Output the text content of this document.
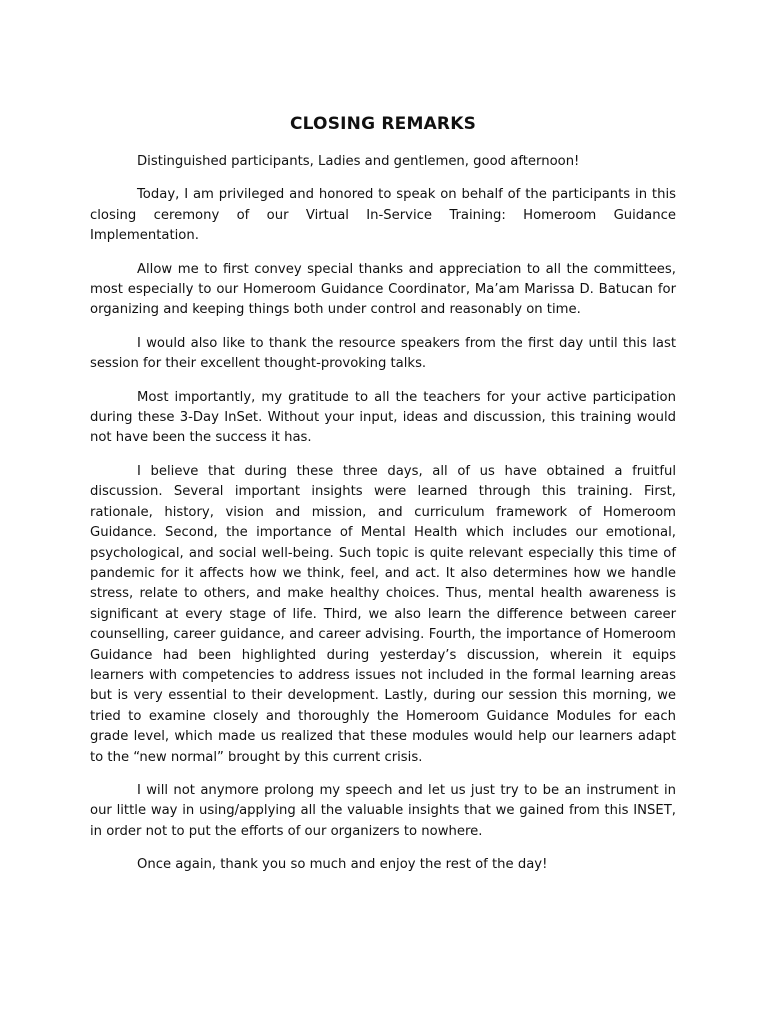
CLOSING REMARKS

Distinguished participants, Ladies and gentlemen, good afternoon!

Today, I am privileged and honored to speak on behalf of the participants in this closing ceremony of our Virtual In-Service Training: Homeroom Guidance Implementation.

Allow me to first convey special thanks and appreciation to all the committees, most especially to our Homeroom Guidance Coordinator, Ma’am Marissa D. Batucan for organizing and keeping things both under control and reasonably on time.

I would also like to thank the resource speakers from the first day until this last session for their excellent thought-provoking talks.

Most importantly, my gratitude to all the teachers for your active participation during these 3-Day InSet. Without your input, ideas and discussion, this training would not have been the success it has.

I believe that during these three days, all of us have obtained a fruitful discussion. Several important insights were learned through this training. First, rationale, history, vision and mission, and curriculum framework of Homeroom Guidance. Second, the importance of Mental Health which includes our emotional, psychological, and social well-being. Such topic is quite relevant especially this time of pandemic for it affects how we think, feel, and act. It also determines how we handle stress, relate to others, and make healthy choices. Thus, mental health awareness is significant at every stage of life. Third, we also learn the difference between career counselling, career guidance, and career advising. Fourth, the importance of Homeroom Guidance had been highlighted during yesterday’s discussion, wherein it equips learners with competencies to address issues not included in the formal learning areas but is very essential to their development. Lastly, during our session this morning, we tried to examine closely and thoroughly the Homeroom Guidance Modules for each grade level, which made us realized that these modules would help our learners adapt to the “new normal” brought by this current crisis.

I will not anymore prolong my speech and let us just try to be an instrument in our little way in using/applying all the valuable insights that we gained from this INSET, in order not to put the efforts of our organizers to nowhere.

Once again, thank you so much and enjoy the rest of the day!
